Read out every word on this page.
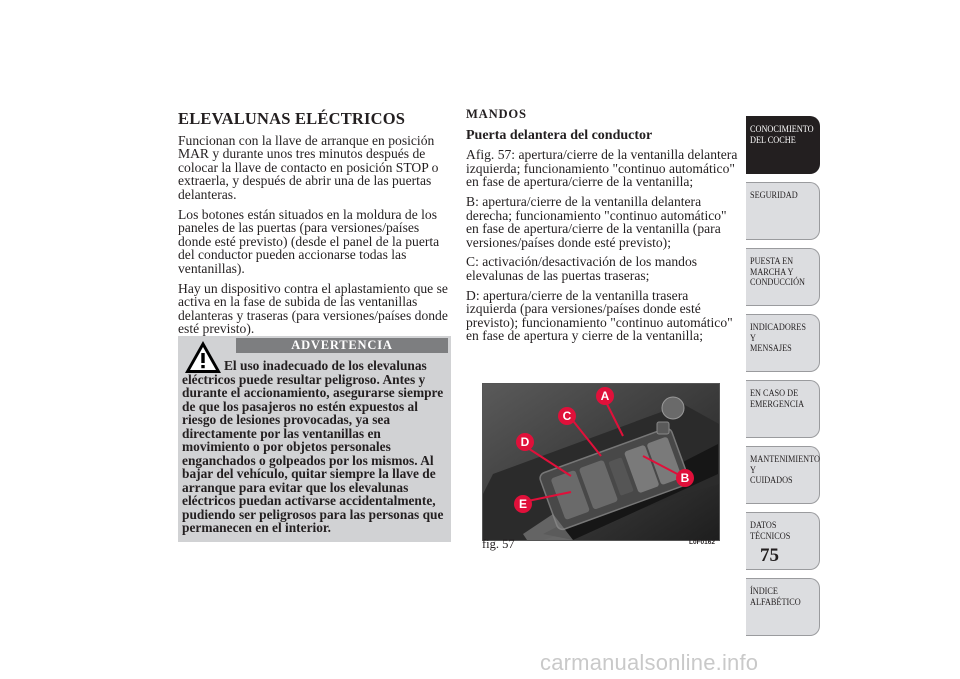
ELEVALUNAS ELÉCTRICOS

Funcionan con la llave de arranque en posición MAR y durante unos tres minutos después de colocar la llave de contacto en posición STOP o extraerla, y después de abrir una de las puertas delanteras.

Los botones están situados en la moldura de los paneles de las puertas (para versiones/países donde esté previsto) (desde el panel de la puerta del conductor pueden accionarse todas las ventanillas).

Hay un dispositivo contra el aplastamiento que se activa en la fase de subida de las ventanillas delanteras y traseras (para versiones/países donde esté previsto).

ADVERTENCIA
El uso inadecuado de los elevalunas eléctricos puede resultar peligroso. Antes y durante el accionamiento, asegurarse siempre de que los pasajeros no estén expuestos al riesgo de lesiones provocadas, ya sea directamente por las ventanillas en movimiento o por objetos personales enganchados o golpeados por los mismos. Al bajar del vehículo, quitar siempre la llave de arranque para evitar que los elevalunas eléctricos puedan activarse accidentalmente, pudiendo ser peligrosos para las personas que permanecen en el interior.
MANDOS
Puerta delantera del conductor

Afig. 57: apertura/cierre de la ventanilla delantera izquierda; funcionamiento "continuo automático" en fase de apertura/cierre de la ventanilla;

B: apertura/cierre de la ventanilla delantera derecha; funcionamiento "continuo automático" en fase de apertura/cierre de la ventanilla (para versiones/países donde esté previsto);

C: activación/desactivación de los mandos elevalunas de las puertas traseras;

D: apertura/cierre de la ventanilla trasera izquierda (para versiones/países donde esté previsto); funcionamiento "continuo automático" en fase de apertura y cierre de la ventanilla;

A
B
C
D
E
fig. 57	L0F0162
CONOCIMIENTO
DEL COCHE
SEGURIDAD
PUESTA EN
MARCHA Y
CONDUCCIÓN
INDICADORES Y
MENSAJES
EN CASO DE
EMERGENCIA
MANTENIMIENTO Y
CUIDADOS
DATOS TÉCNICOS
ÍNDICE
ALFABÉTICO
75
carmanualsonline.info
